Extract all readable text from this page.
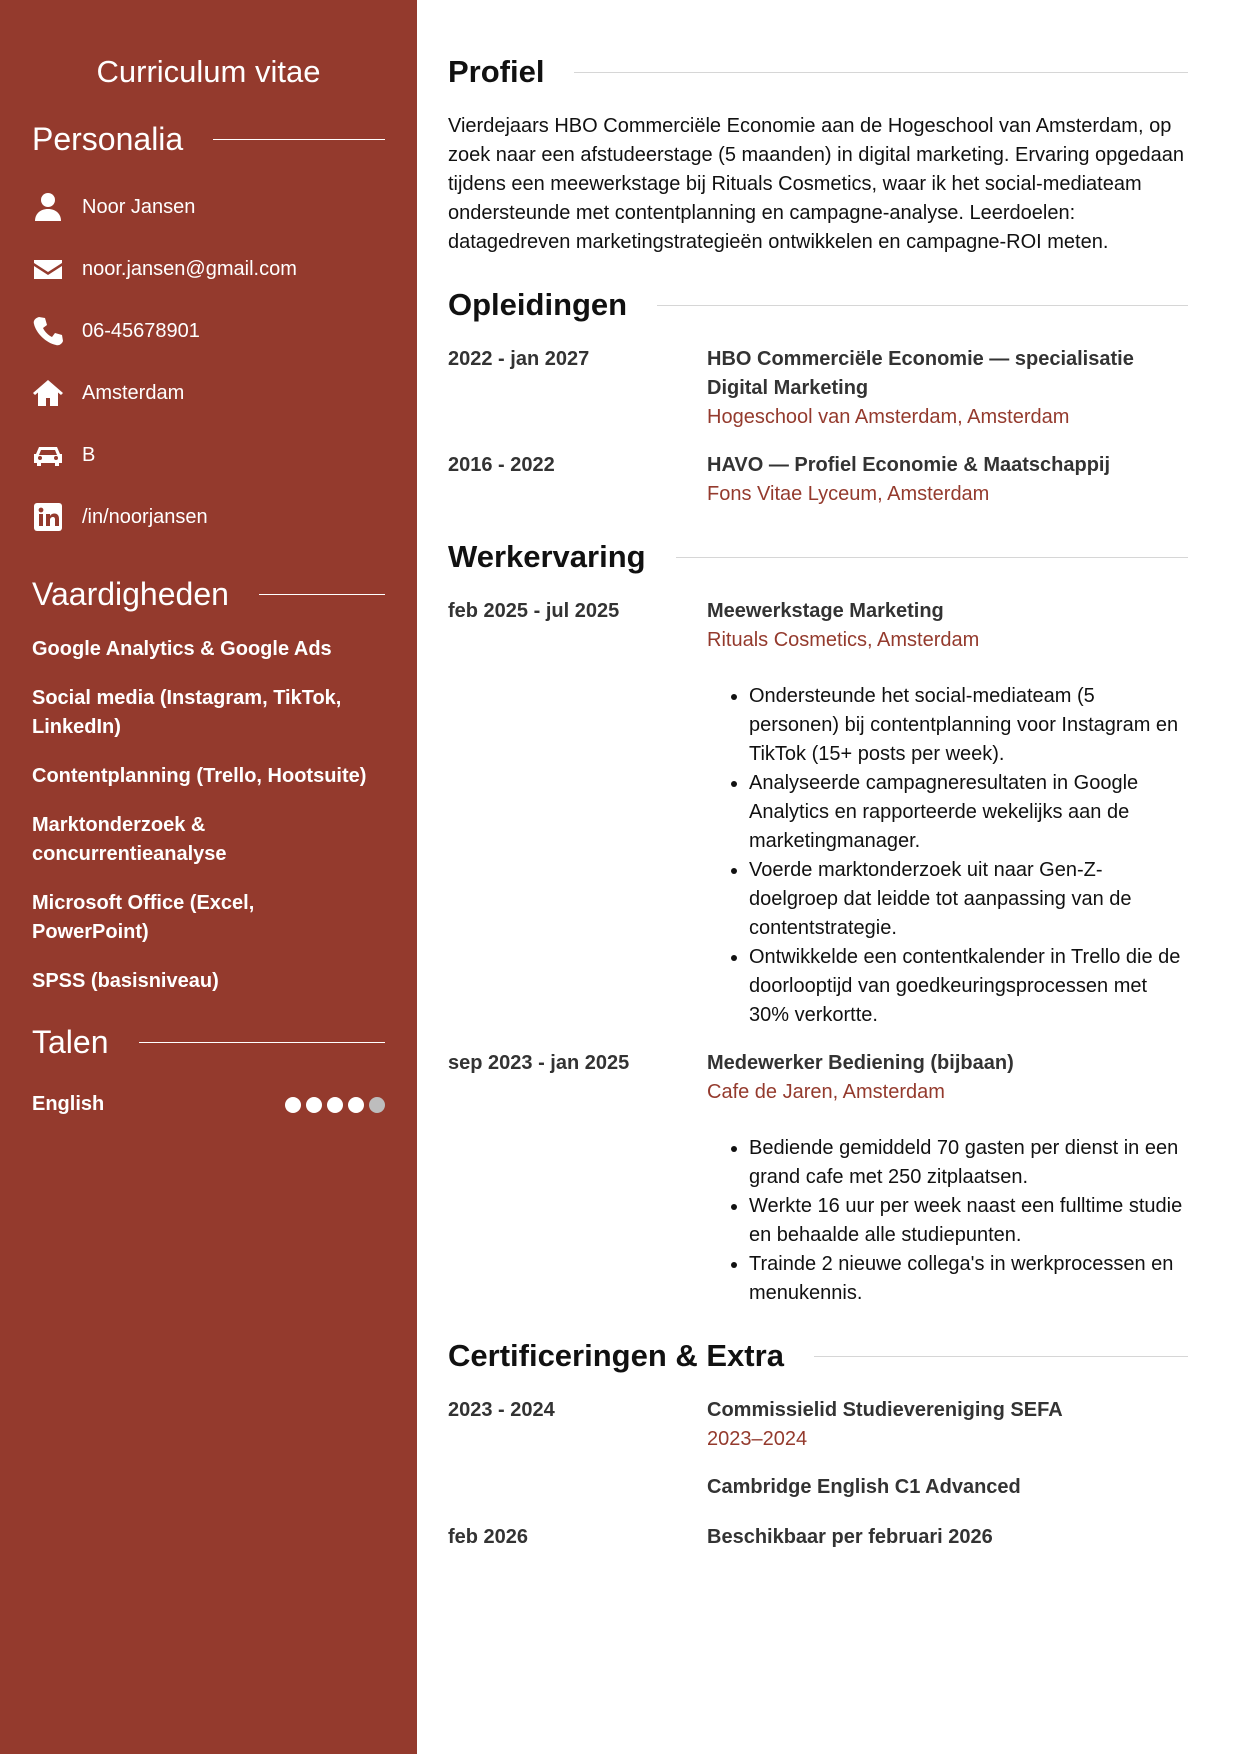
Curriculum vitae
Personalia
Noor Jansen
noor.jansen@gmail.com
06-45678901
Amsterdam
B
/in/noorjansen
Vaardigheden
Google Analytics & Google Ads
Social media (Instagram, TikTok, LinkedIn)
Contentplanning (Trello, Hootsuite)
Marktonderzoek & concurrentieanalyse
Microsoft Office (Excel, PowerPoint)
SPSS (basisniveau)
Talen
English
Profiel

Vierdejaars HBO Commerciële Economie aan de Hogeschool van Amsterdam, op zoek naar een afstudeerstage (5 maanden) in digital marketing. Ervaring opgedaan tijdens een meewerkstage bij Rituals Cosmetics, waar ik het social-mediateam ondersteunde met contentplanning en campagne-analyse. Leerdoelen: datagedreven marketingstrategieën ontwikkelen en campagne-ROI meten.

Opleidingen
2022 - jan 2027	HBO Commerciële Economie — specialisatie Digital Marketing
Hogeschool van Amsterdam, Amsterdam
2016 - 2022	HAVO — Profiel Economie & Maatschappij
Fons Vitae Lyceum, Amsterdam
Werkervaring
feb 2025 - jul 2025	Meewerkstage Marketing
Rituals Cosmetics, Amsterdam
• Ondersteunde het social-mediateam (5 personen) bij contentplanning voor Instagram en TikTok (15+ posts per week).
• Analyseerde campagneresultaten in Google Analytics en rapporteerde wekelijks aan de marketingmanager.
• Voerde marktonderzoek uit naar Gen-Z-doelgroep dat leidde tot aanpassing van de contentstrategie.
• Ontwikkelde een contentkalender in Trello die de doorlooptijd van goedkeuringsprocessen met 30% verkortte.
sep 2023 - jan 2025	Medewerker Bediening (bijbaan)
Cafe de Jaren, Amsterdam
• Bediende gemiddeld 70 gasten per dienst in een grand cafe met 250 zitplaatsen.
• Werkte 16 uur per week naast een fulltime studie en behaalde alle studiepunten.
• Trainde 2 nieuwe collega's in werkprocessen en menukennis.
Certificeringen & Extra
2023 - 2024	Commissielid Studievereniging SEFA
2023–2024
Cambridge English C1 Advanced
feb 2026	Beschikbaar per februari 2026
